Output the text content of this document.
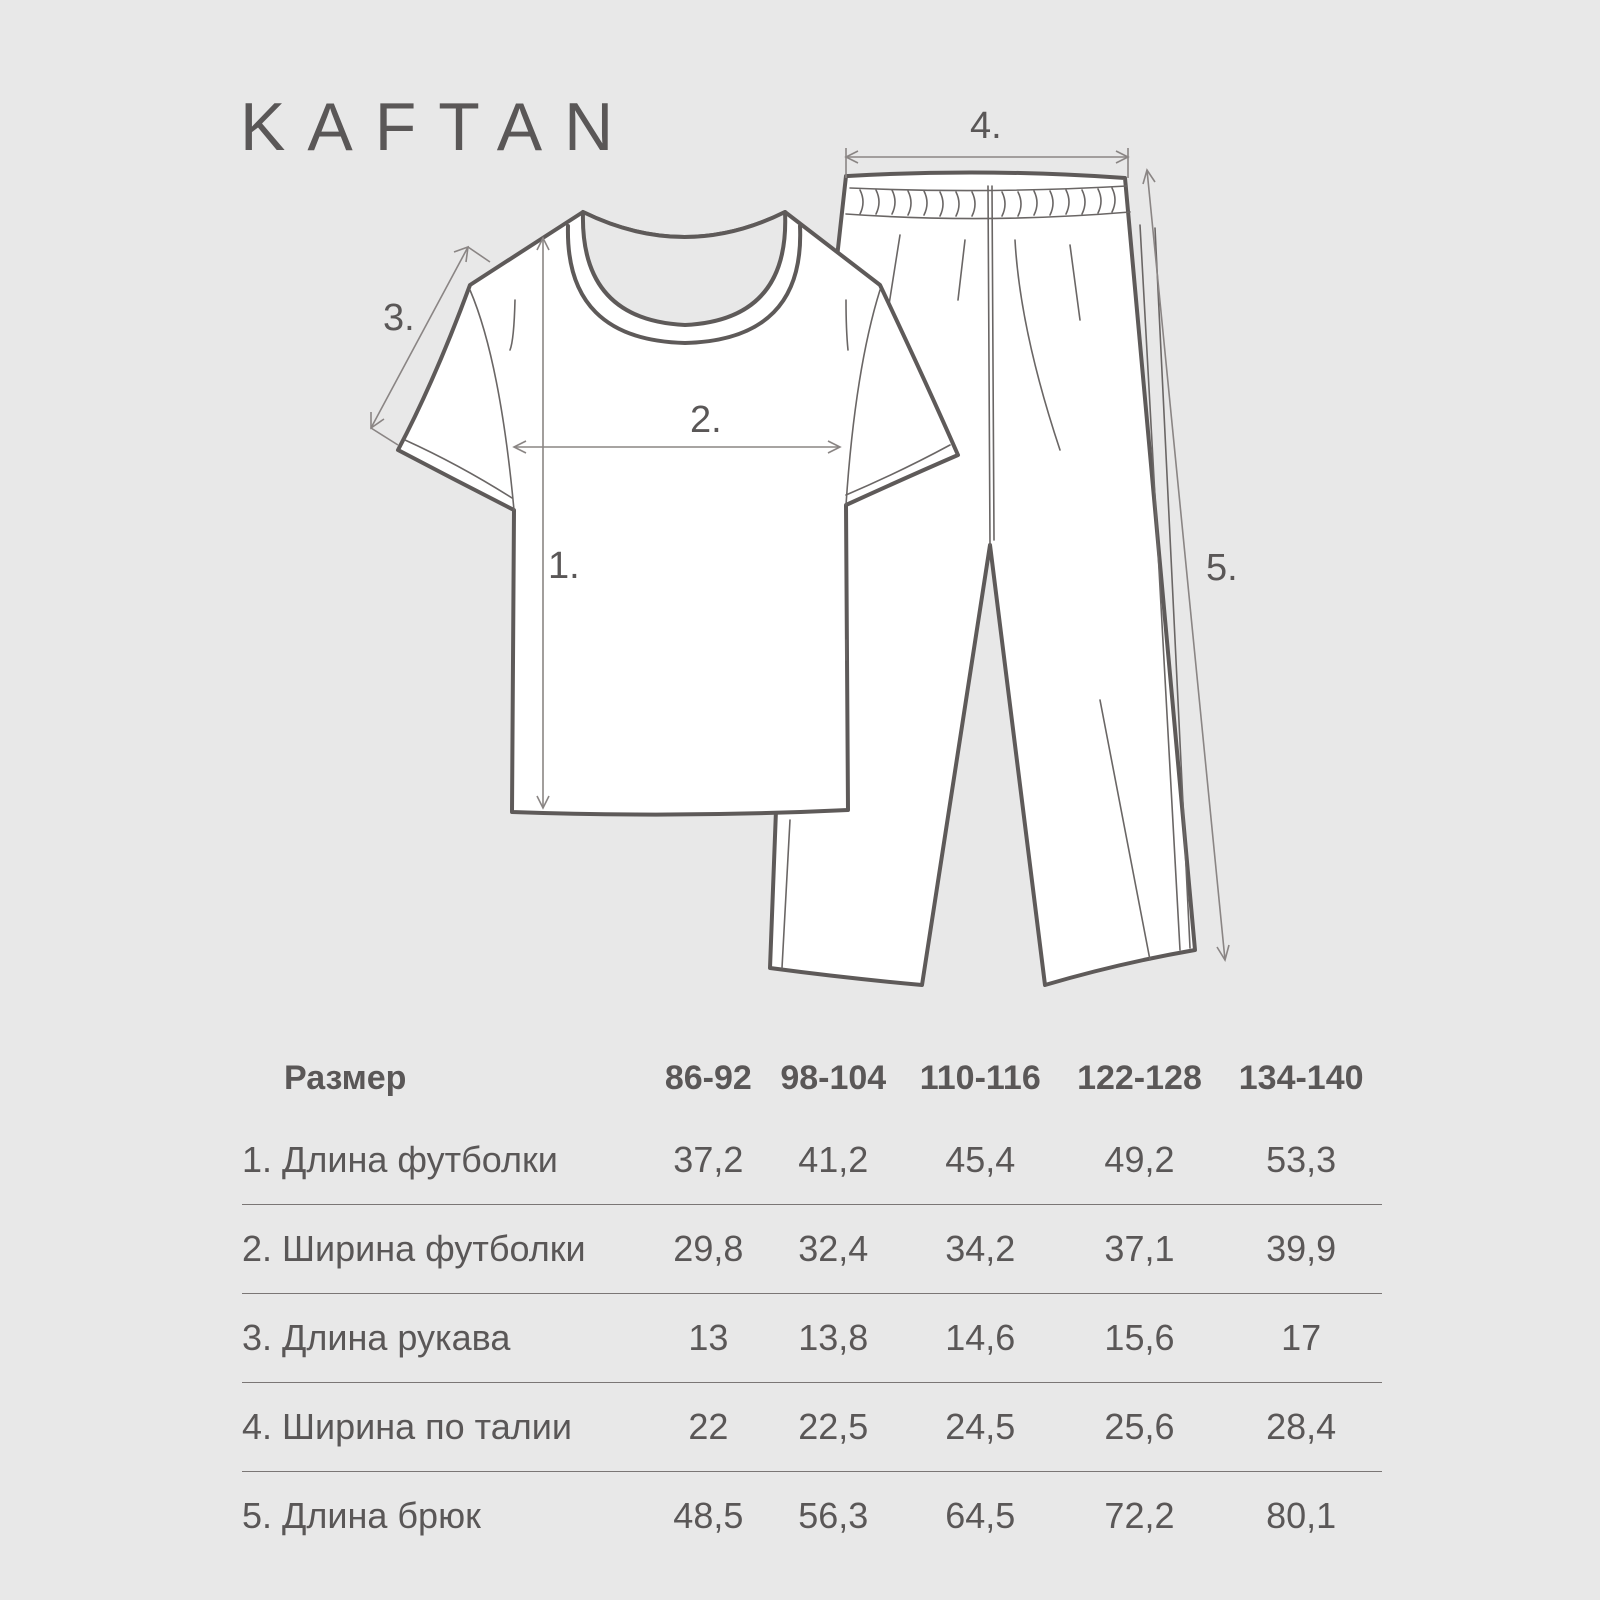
KAFTAN
1.
2.
3.
4.
5.
Размер	86-92	98-104	110-116	122-128	134-140
1. Длина футболки	37,2	41,2	45,4	49,2	53,3
2. Ширина футболки	29,8	32,4	34,2	37,1	39,9
3. Длина рукава	13	13,8	14,6	15,6	17
4. Ширина по талии	22	22,5	24,5	25,6	28,4
5. Длина брюк	48,5	56,3	64,5	72,2	80,1
